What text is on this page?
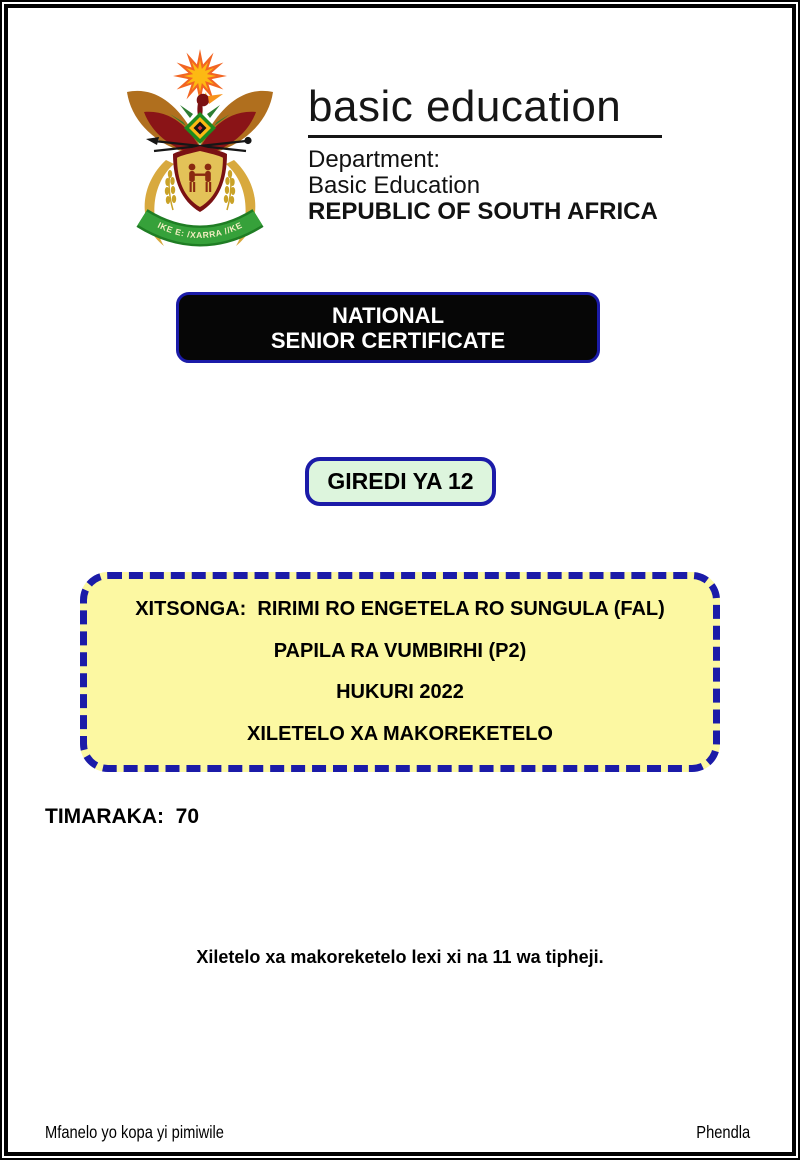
IKE E: /XARRA //KE
basic education
Department:
Basic Education
REPUBLIC OF SOUTH AFRICA
NATIONAL
SENIOR CERTIFICATE
GIREDI YA 12
XITSONGA:  RIRIMI RO ENGETELA RO SUNGULA (FAL)
PAPILA RA VUMBIRHI (P2)
HUKURI 2022
XILETELO XA MAKOREKETELO
TIMARAKA:  70
Xiletelo xa makoreketelo lexi xi na 11 wa tipheji.
Mfanelo yo kopa yi pimiwile	Phendla
